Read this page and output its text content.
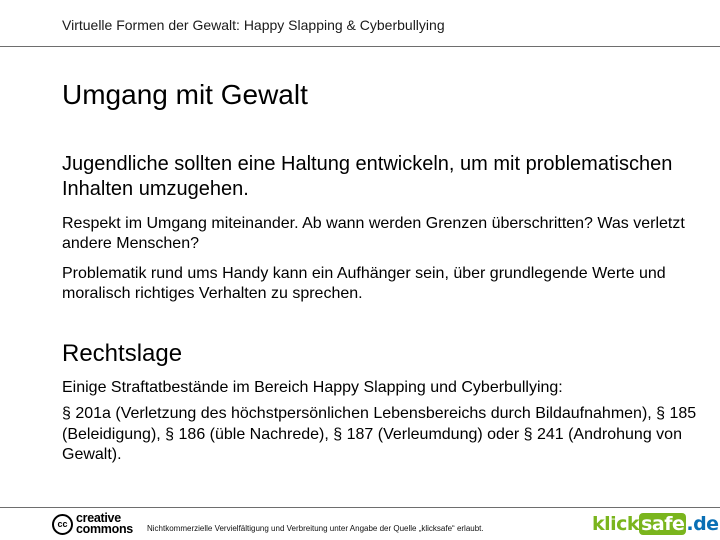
Virtuelle Formen der Gewalt: Happy Slapping & Cyberbullying
Umgang mit Gewalt
Jugendliche sollten eine Haltung entwickeln, um mit problematischen Inhalten umzugehen.
Respekt im Umgang miteinander. Ab wann werden Grenzen überschritten? Was verletzt andere Menschen?
Problematik rund ums Handy kann ein Aufhänger sein, über grundlegende Werte und moralisch richtiges Verhalten zu sprechen.
Rechtslage
Einige Straftatbestände im Bereich Happy Slapping und Cyberbullying:
§ 201a (Verletzung des höchstpersönlichen Lebensbereichs durch Bildaufnahmen), § 185 (Beleidigung), § 186 (üble Nachrede), § 187 (Verleumdung) oder § 241 (Androhung von Gewalt).
cc creative
commons Nichtkommerzielle Vervielfältigung und Verbreitung unter Angabe der Quelle „klicksafe“ erlaubt.	klick safe .de
